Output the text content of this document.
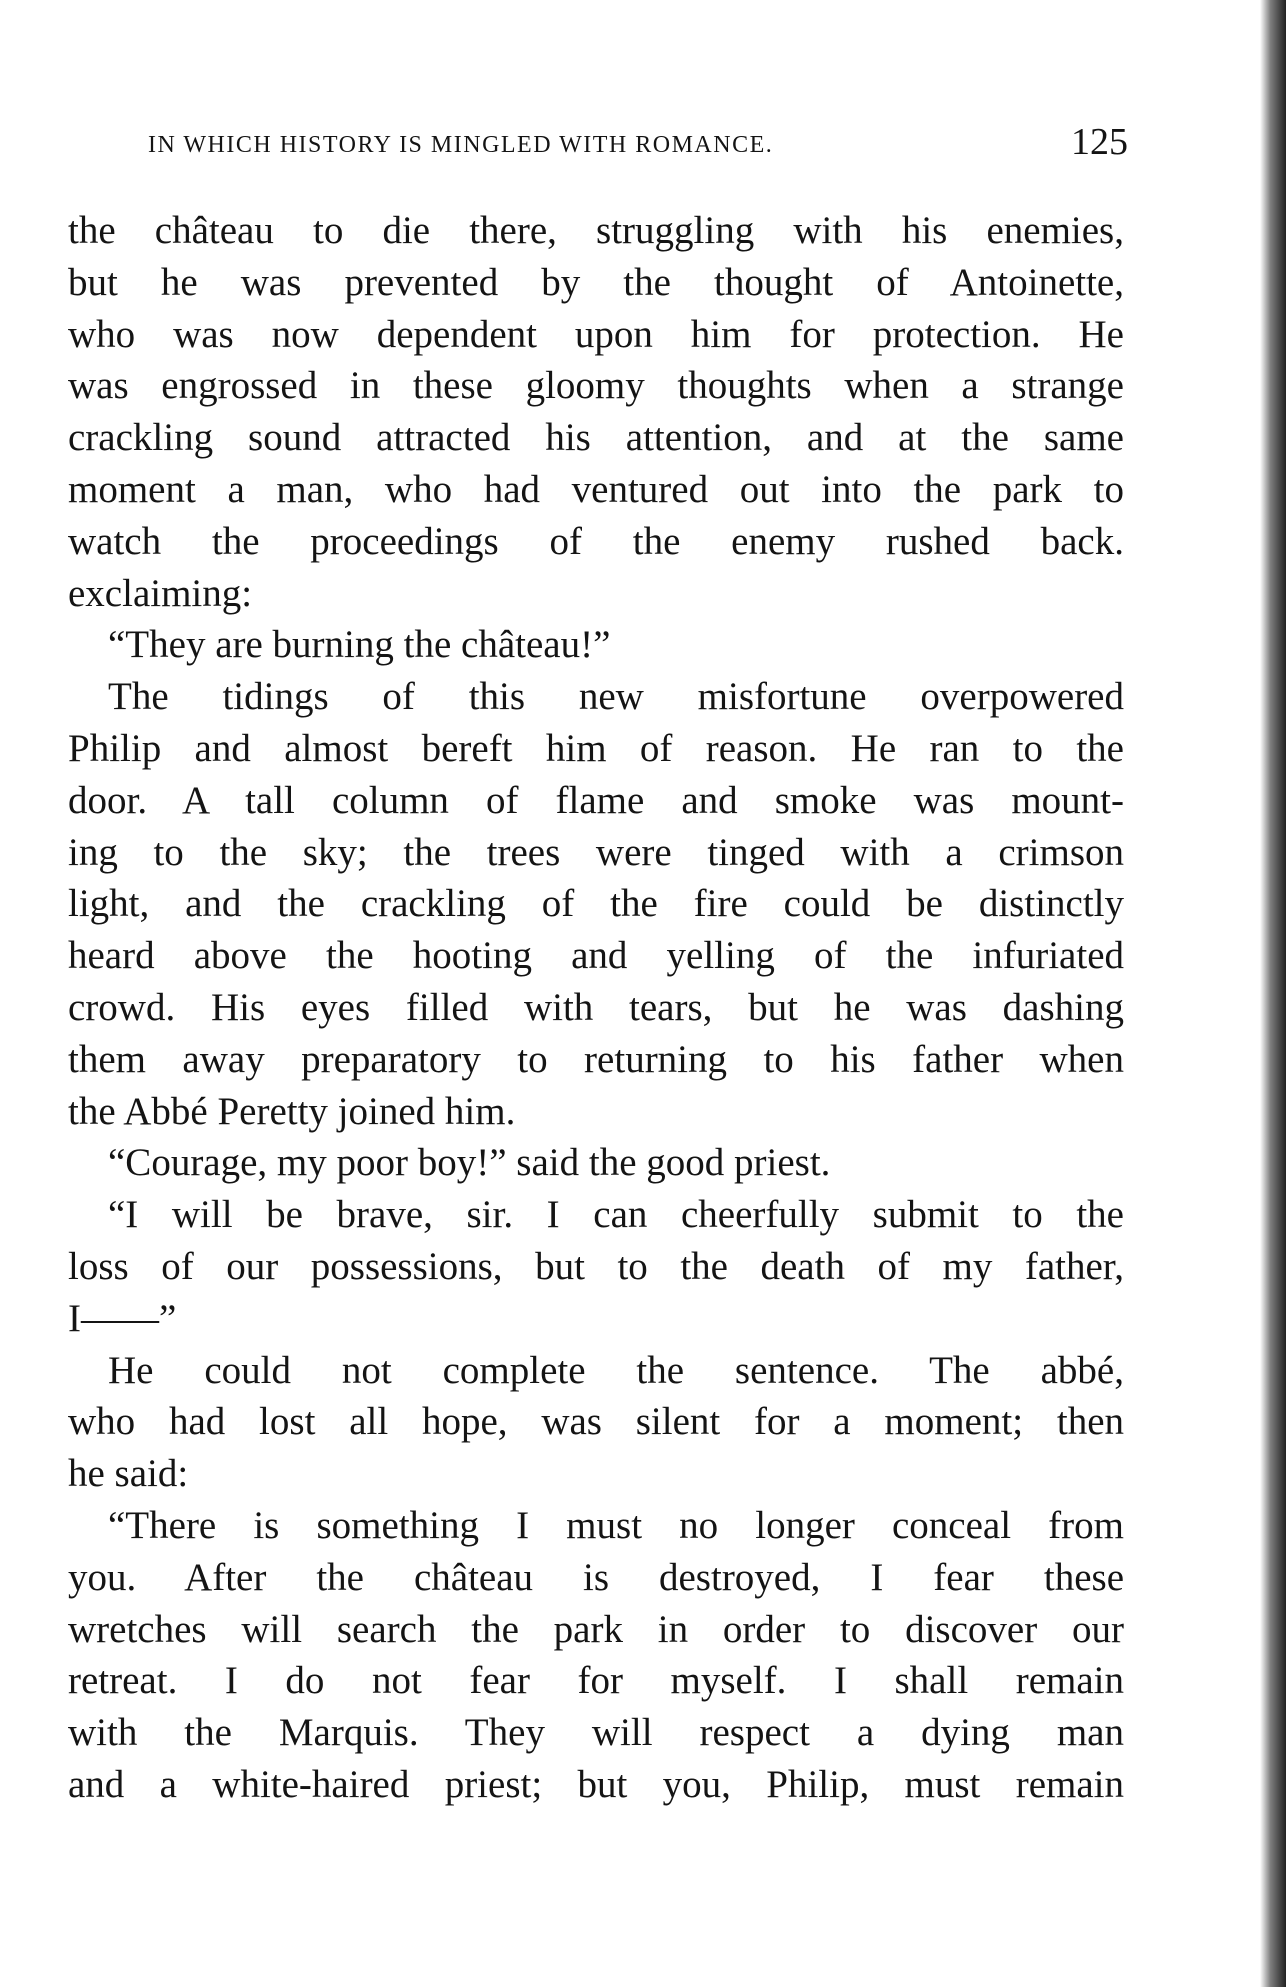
IN WHICH HISTORY IS MINGLED WITH ROMANCE.	125
the château to die there, struggling with his enemies,
but he was prevented by the thought of Antoinette,
who was now dependent upon him for protection. He
was engrossed in these gloomy thoughts when a strange
crackling sound attracted his attention, and at the same
moment a man, who had ventured out into the park to
watch the proceedings of the enemy rushed back.
exclaiming:
“They are burning the château!”
The tidings of this new misfortune overpowered
Philip and almost bereft him of reason. He ran to the
door. A tall column of flame and smoke was mount-
ing to the sky; the trees were tinged with a crimson
light, and the crackling of the fire could be distinctly
heard above the hooting and yelling of the infuriated
crowd. His eyes filled with tears, but he was dashing
them away preparatory to returning to his father when
the Abbé Peretty joined him.
“Courage, my poor boy!” said the good priest.
“I will be brave, sir. I can cheerfully submit to the
loss of our possessions, but to the death of my father,
I——”
He could not complete the sentence. The abbé,
who had lost all hope, was silent for a moment; then
he said:
“There is something I must no longer conceal from
you. After the château is destroyed, I fear these
wretches will search the park in order to discover our
retreat. I do not fear for myself. I shall remain
with the Marquis. They will respect a dying man
and a white-haired priest; but you, Philip, must remain
